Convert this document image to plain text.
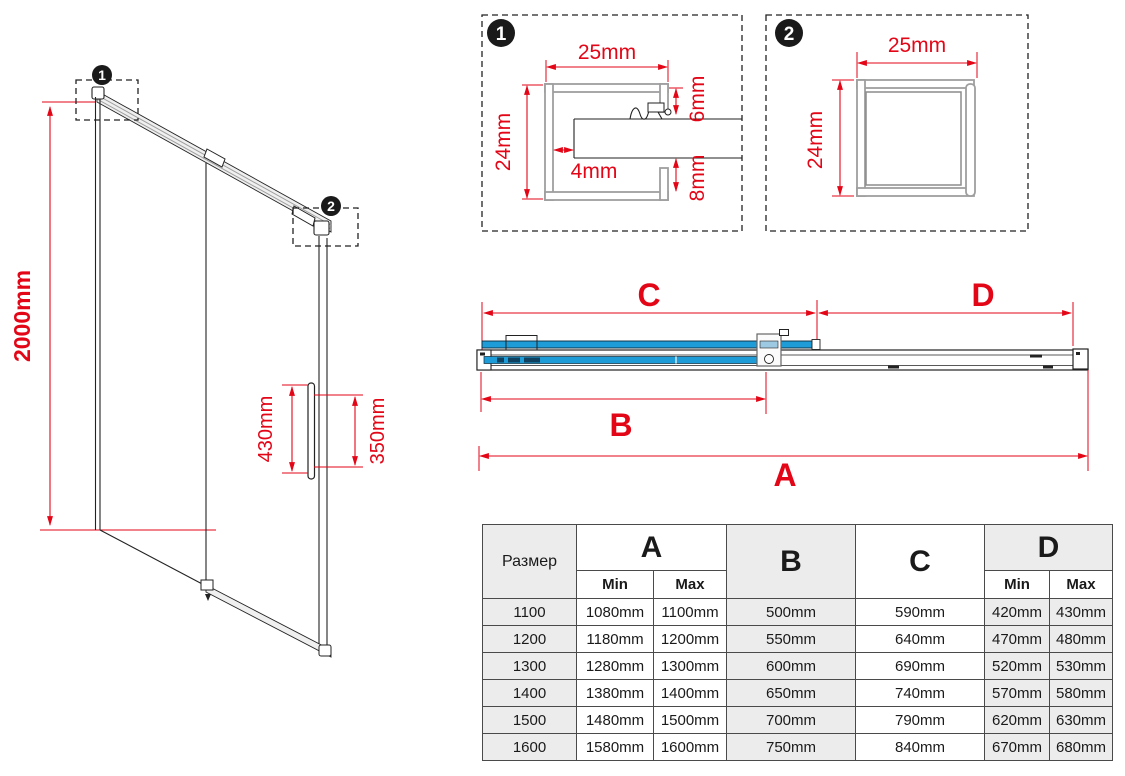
2000mm
430mm	350mm
1
2
1
25mm
24mm
6mm
8mm
4mm
2	25mm
24mm
C	D
B
A
Размер	A		B	C	D	
	Min	Max			Min	Max
1100	1080mm	1100mm	500mm	590mm	420mm	430mm
1200	1180mm	1200mm	550mm	640mm	470mm	480mm
1300	1280mm	1300mm	600mm	690mm	520mm	530mm
1400	1380mm	1400mm	650mm	740mm	570mm	580mm
1500	1480mm	1500mm	700mm	790mm	620mm	630mm
1600	1580mm	1600mm	750mm	840mm	670mm	680mm
